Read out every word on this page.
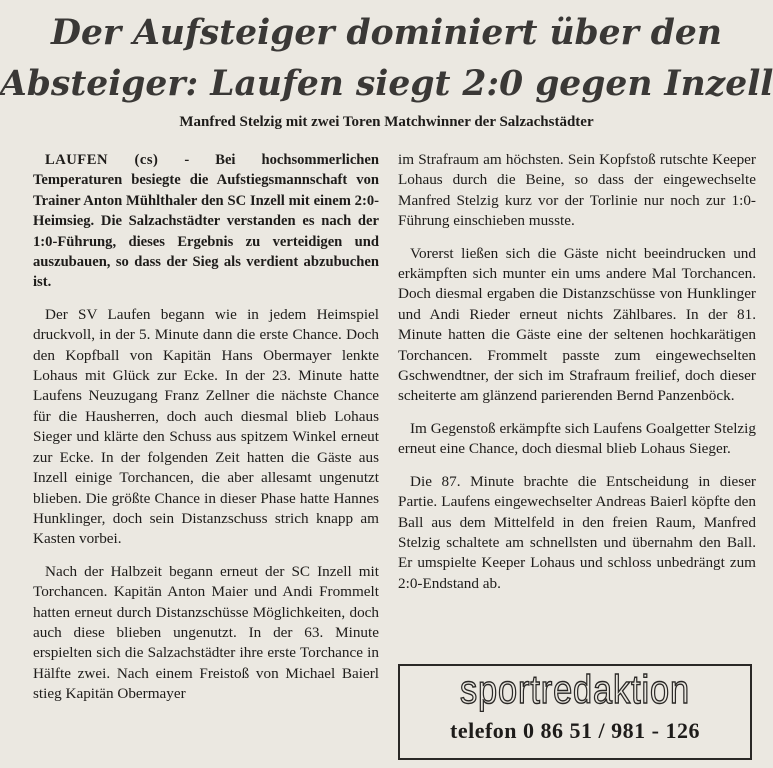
Der Aufsteiger dominiert über den
Absteiger: Laufen siegt 2:0 gegen Inzell
Manfred Stelzig mit zwei Toren Matchwinner der Salzachstädter

LAUFEN (cs) - Bei hochsommerlichen Temperaturen besiegte die Aufstiegsmannschaft von Trainer Anton Mühlthaler den SC Inzell mit einem 2:0-Heimsieg. Die Salzachstädter verstanden es nach der 1:0-Führung, dieses Ergebnis zu verteidigen und auszubauen, so dass der Sieg als verdient abzubuchen ist.

Der SV Laufen begann wie in jedem Heimspiel druckvoll, in der 5. Minute dann die erste Chance. Doch den Kopfball von Kapitän Hans Obermayer lenkte Lohaus mit Glück zur Ecke. In der 23. Minute hatte Laufens Neuzugang Franz Zellner die nächste Chance für die Hausherren, doch auch diesmal blieb Lohaus Sieger und klärte den Schuss aus spitzem Winkel erneut zur Ecke. In der folgenden Zeit hatten die Gäste aus Inzell einige Torchancen, die aber allesamt ungenutzt blieben. Die größte Chance in dieser Phase hatte Hannes Hunklinger, doch sein Distanzschuss strich knapp am Kasten vorbei.

Nach der Halbzeit begann erneut der SC Inzell mit Torchancen. Kapitän Anton Maier und Andi Frommelt hatten erneut durch Distanzschüsse Möglichkeiten, doch auch diese blieben ungenutzt. In der 63. Minute erspielten sich die Salzachstädter ihre erste Torchance in Hälfte zwei. Nach einem Freistoß von Michael Baierl stieg Kapitän Obermayer

im Strafraum am höchsten. Sein Kopfstoß rutschte Keeper Lohaus durch die Beine, so dass der eingewechselte Manfred Stelzig kurz vor der Torlinie nur noch zur 1:0-Führung einschieben musste.

Vorerst ließen sich die Gäste nicht beeindrucken und erkämpften sich munter ein ums andere Mal Torchancen. Doch diesmal ergaben die Distanzschüsse von Hunklinger und Andi Rieder erneut nichts Zählbares. In der 81. Minute hatten die Gäste eine der seltenen hochkarätigen Torchancen. Frommelt passte zum eingewechselten Gschwendtner, der sich im Strafraum freilief, doch dieser scheiterte am glänzend parierenden Bernd Panzenböck.

Im Gegenstoß erkämpfte sich Laufens Goalgetter Stelzig erneut eine Chance, doch diesmal blieb Lohaus Sieger.

Die 87. Minute brachte die Entscheidung in dieser Partie. Laufens eingewechselter Andreas Baierl köpfte den Ball aus dem Mittelfeld in den freien Raum, Manfred Stelzig schaltete am schnellsten und übernahm den Ball. Er umspielte Keeper Lohaus und schloss unbedrängt zum 2:0-Endstand ab.

sportredaktion
telefon 0 86 51 / 981 - 126
